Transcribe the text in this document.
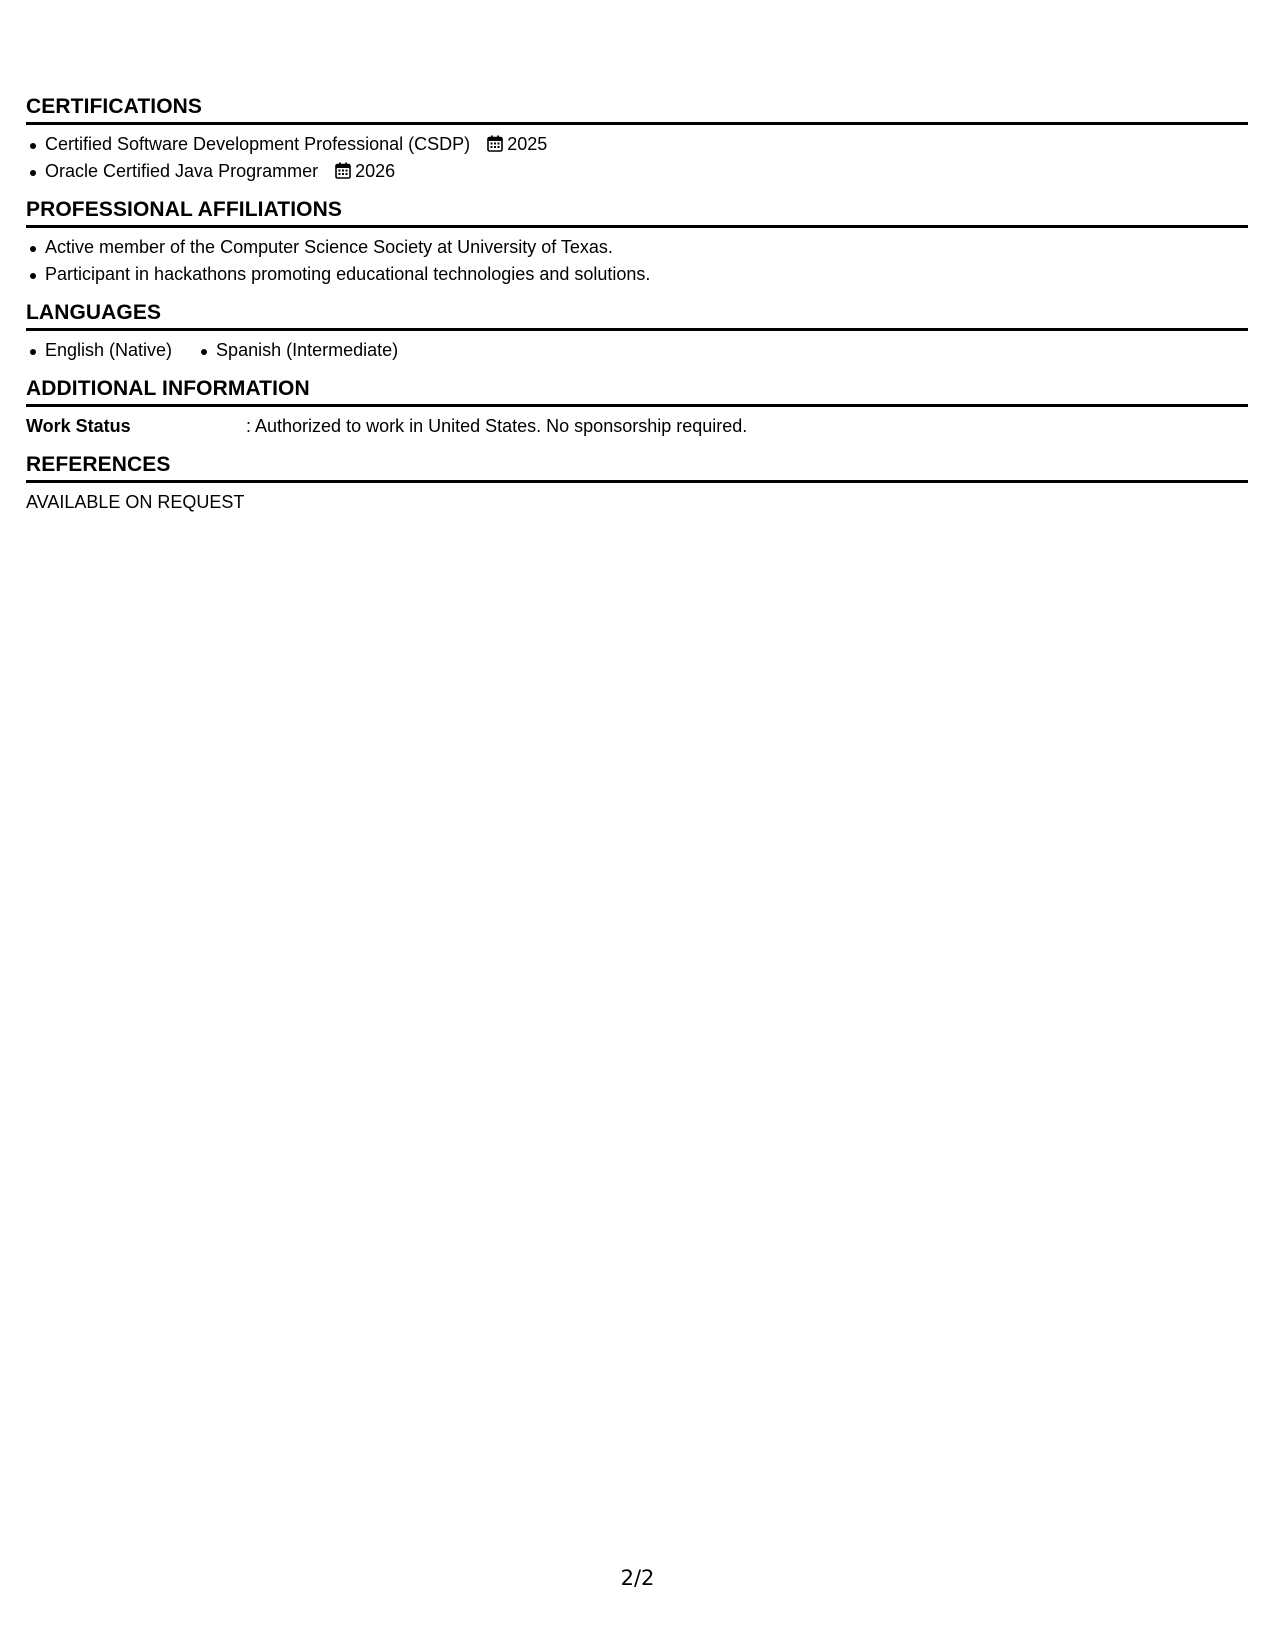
CERTIFICATIONS
Certified Software Development Professional (CSDP) 2025
Oracle Certified Java Programmer 2026
PROFESSIONAL AFFILIATIONS
Active member of the Computer Science Society at University of Texas.
Participant in hackathons promoting educational technologies and solutions.
LANGUAGES
English (Native) Spanish (Intermediate)
ADDITIONAL INFORMATION
Work Status	: Authorized to work in United States. No sponsorship required.
REFERENCES
AVAILABLE ON REQUEST
2/2
